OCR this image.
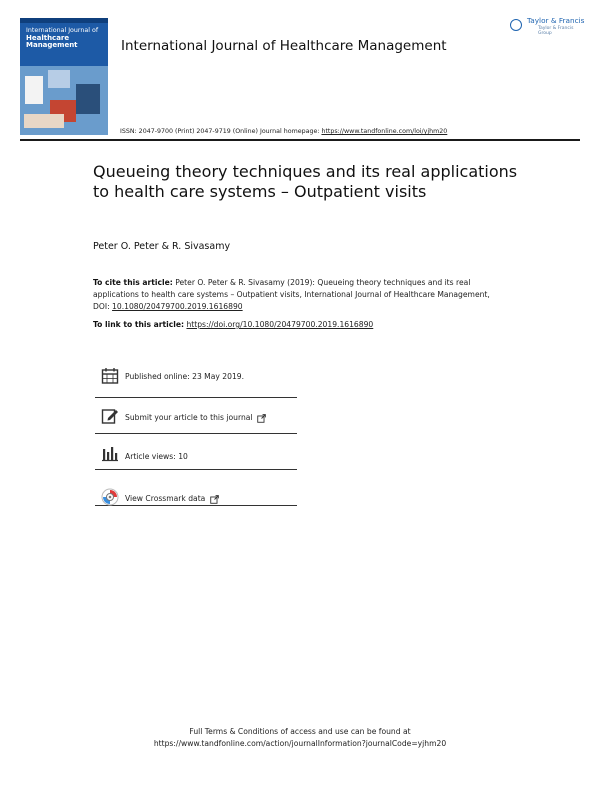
International Journal of
Healthcare Management	International Journal of Healthcare Management
Taylor & Francis
Taylor & Francis Group
ISSN: 2047-9700 (Print) 2047-9719 (Online) Journal homepage: https://www.tandfonline.com/loi/yjhm20
Queueing theory techniques and its real applications to health care systems – Outpatient visits
Peter O. Peter & R. Sivasamy
To cite this article: Peter O. Peter & R. Sivasamy (2019): Queueing theory techniques and its real applications to health care systems – Outpatient visits, International Journal of Healthcare Management, DOI: 10.1080/20479700.2019.1616890
To link to this article: https://doi.org/10.1080/20479700.2019.1616890
Published online: 23 May 2019.
Submit your article to this journal
Article views: 10
View Crossmark data
Full Terms & Conditions of access and use can be found at
https://www.tandfonline.com/action/journalInformation?journalCode=yjhm20
